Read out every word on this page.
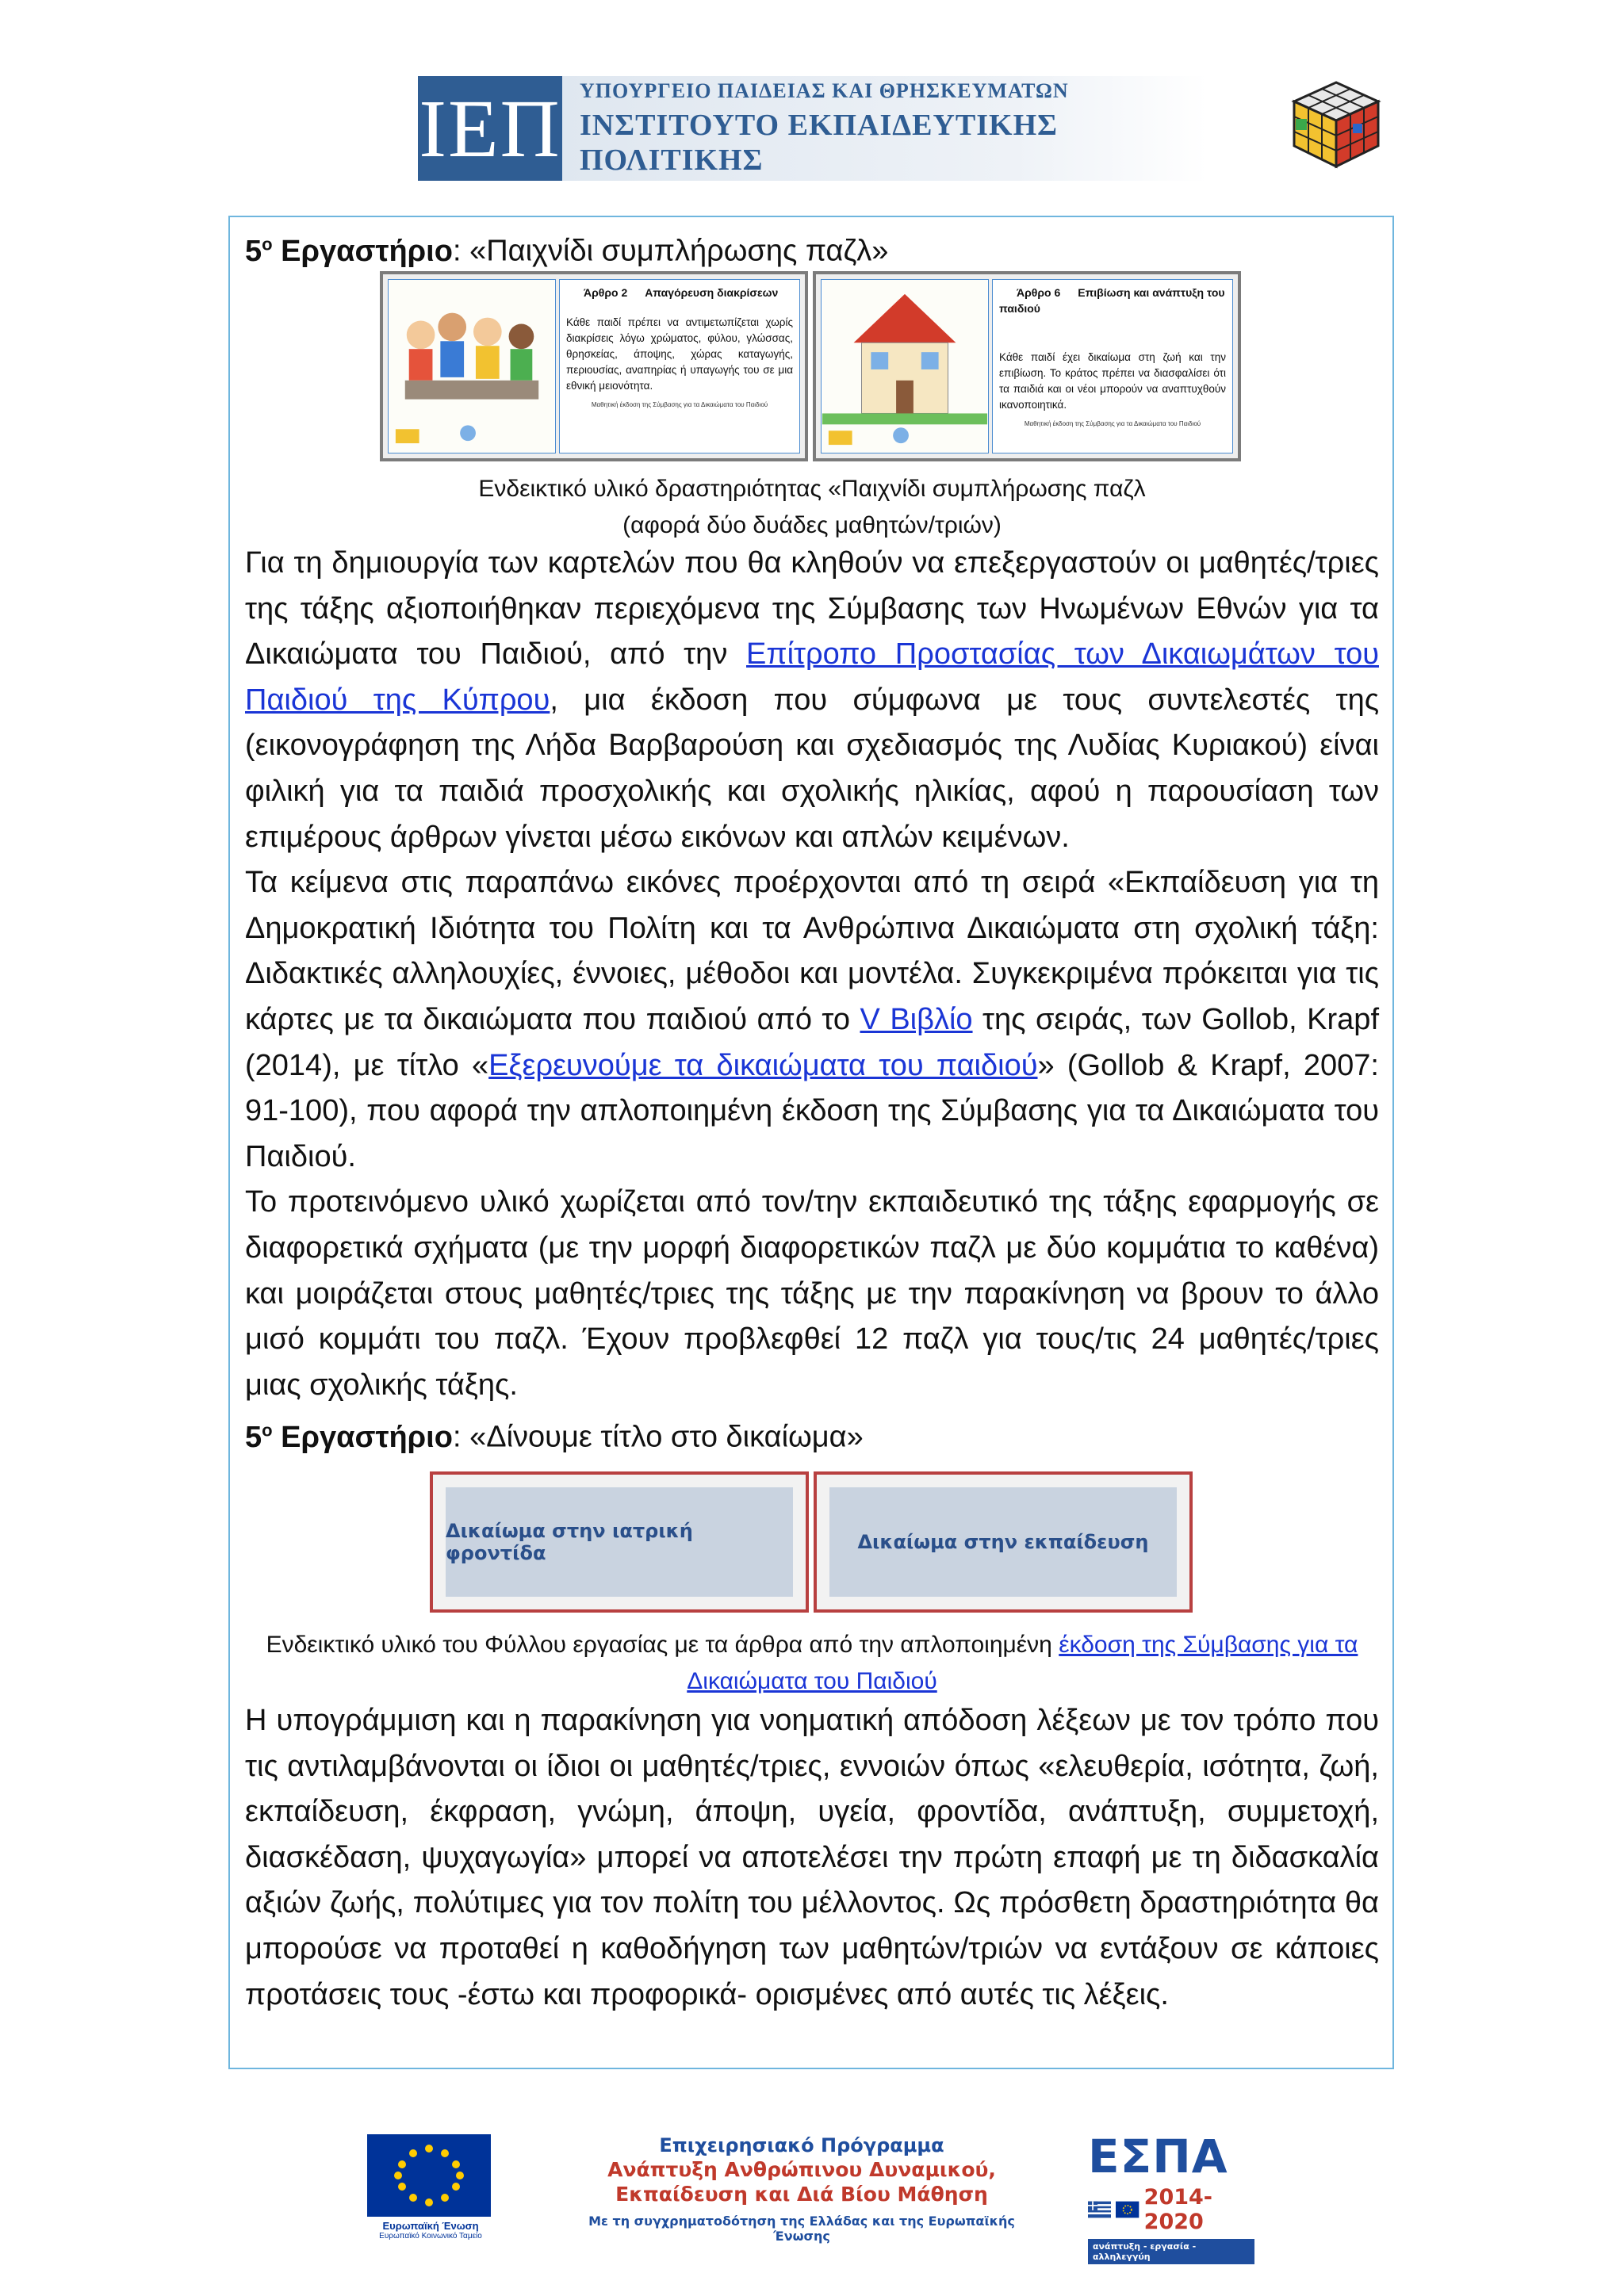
ΙΕΠ ΥΠΟΥΡΓΕΙΟ ΠΑΙΔΕΙΑΣ ΚΑΙ ΘΡΗΣΚΕΥΜΑΤΩΝ
ΙΝΣΤΙΤΟΥΤΟ ΕΚΠΑΙΔΕΥΤΙΚΗΣ ΠΟΛΙΤΙΚΗΣ

$5^o$ Εργαστήριο: «Παιχνίδι συμπλήρωσης παζλ»

Άρθρο 2 Απαγόρευση διακρίσεων
Κάθε παιδί πρέπει να αντιμετωπίζεται χωρίς διακρίσεις λόγω χρώματος, φύλου, γλώσσας, θρησκείας, άποψης, χώρας καταγωγής, περιουσίας, αναπηρίας ή υπαγωγής του σε μια εθνική μειονότητα.
Μαθητική έκδοση της Σύμβασης για τα Δικαιώματα του Παιδιού
Άρθρο 6 Επιβίωση και ανάπτυξη του παιδιού
Κάθε παιδί έχει δικαίωμα στη ζωή και την επιβίωση. Το κράτος πρέπει να διασφαλίσει ότι τα παιδιά και οι νέοι μπορούν να αναπτυχθούν ικανοποιητικά.
Μαθητική έκδοση της Σύμβασης για τα Δικαιώματα του Παιδιού

Ενδεικτικό υλικό δραστηριότητας «Παιχνίδι συμπλήρωσης παζλ

(αφορά δύο δυάδες μαθητών/τριών)

Για τη δημιουργία των καρτελών που θα κληθούν να επεξεργαστούν οι μαθητές/τριες της τάξης αξιοποιήθηκαν περιεχόμενα της Σύμβασης των Ηνωμένων Εθνών για τα Δικαιώματα του Παιδιού, από την Επίτροπο Προστασίας των Δικαιωμάτων του Παιδιού της Κύπρου, μια έκδοση που σύμφωνα με τους συντελεστές της (εικονογράφηση της Λήδα Βαρβαρούση και σχεδιασμός της Λυδίας Κυριακού) είναι φιλική για τα παιδιά προσχολικής και σχολικής ηλικίας, αφού η παρουσίαση των επιμέρους άρθρων γίνεται μέσω εικόνων και απλών κειμένων.

Τα κείμενα στις παραπάνω εικόνες προέρχονται από τη σειρά «Εκπαίδευση για τη Δημοκρατική Ιδιότητα του Πολίτη και τα Ανθρώπινα Δικαιώματα στη σχολική τάξη: Διδακτικές αλληλουχίες, έννοιες, μέθοδοι και μοντέλα. Συγκεκριμένα πρόκειται για τις κάρτες με τα δικαιώματα που παιδιού από το V Βιβλίο της σειράς, των Gollob, Krapf (2014), με τίτλο «Εξερευνούμε τα δικαιώματα του παιδιού» (Gollob & Krapf, 2007: 91-100), που αφορά την απλοποιημένη έκδοση της Σύμβασης για τα Δικαιώματα του Παιδιού.

Το προτεινόμενο υλικό χωρίζεται από τον/την εκπαιδευτικό της τάξης εφαρμογής σε διαφορετικά σχήματα (με την μορφή διαφορετικών παζλ με δύο κομμάτια το καθένα) και μοιράζεται στους μαθητές/τριες της τάξης με την παρακίνηση να βρουν το άλλο μισό κομμάτι του παζλ. Έχουν προβλεφθεί 12 παζλ για τους/τις 24 μαθητές/τριες μιας σχολικής τάξης.

$5^o$ Εργαστήριο: «Δίνουμε τίτλο στο δικαίωμα»

Ενδεικτικό υλικό του Φύλλου εργασίας με τα άρθρα από την απλοποιημένη έκδοση της Σύμβασης για τα Δικαιώματα του Παιδιού

Η υπογράμμιση και η παρακίνηση για νοηματική απόδοση λέξεων με τον τρόπο που τις αντιλαμβάνονται οι ίδιοι οι μαθητές/τριες, εννοιών όπως «ελευθερία, ισότητα, ζωή, εκπαίδευση, έκφραση, γνώμη, άποψη, υγεία, φροντίδα, ανάπτυξη, συμμετοχή, διασκέδαση, ψυχαγωγία» μπορεί να αποτελέσει την πρώτη επαφή με τη διδασκαλία αξιών ζωής, πολύτιμες για τον πολίτη του μέλλοντος. Ως πρόσθετη δραστηριότητα θα μπορούσε να προταθεί η καθοδήγηση των μαθητών/τριών να εντάξουν σε κάποιες προτάσεις τους -έστω και προφορικά- ορισμένες από αυτές τις λέξεις.

Δικαίωμα στην ιατρική φροντίδα	Δικαίωμα στην εκπαίδευση
Ευρωπαϊκή Ένωση
Ευρωπαϊκό Κοινωνικό Ταμείο
Επιχειρησιακό Πρόγραμμα
Ανάπτυξη Ανθρώπινου Δυναμικού,
Εκπαίδευση και Διά Βίου Μάθηση
Με τη συγχρηματοδότηση της Ελλάδας και της Ευρωπαϊκής Ένωσης
ΕΣΠΑ
2014-2020
ανάπτυξη - εργασία - αλληλεγγύη
